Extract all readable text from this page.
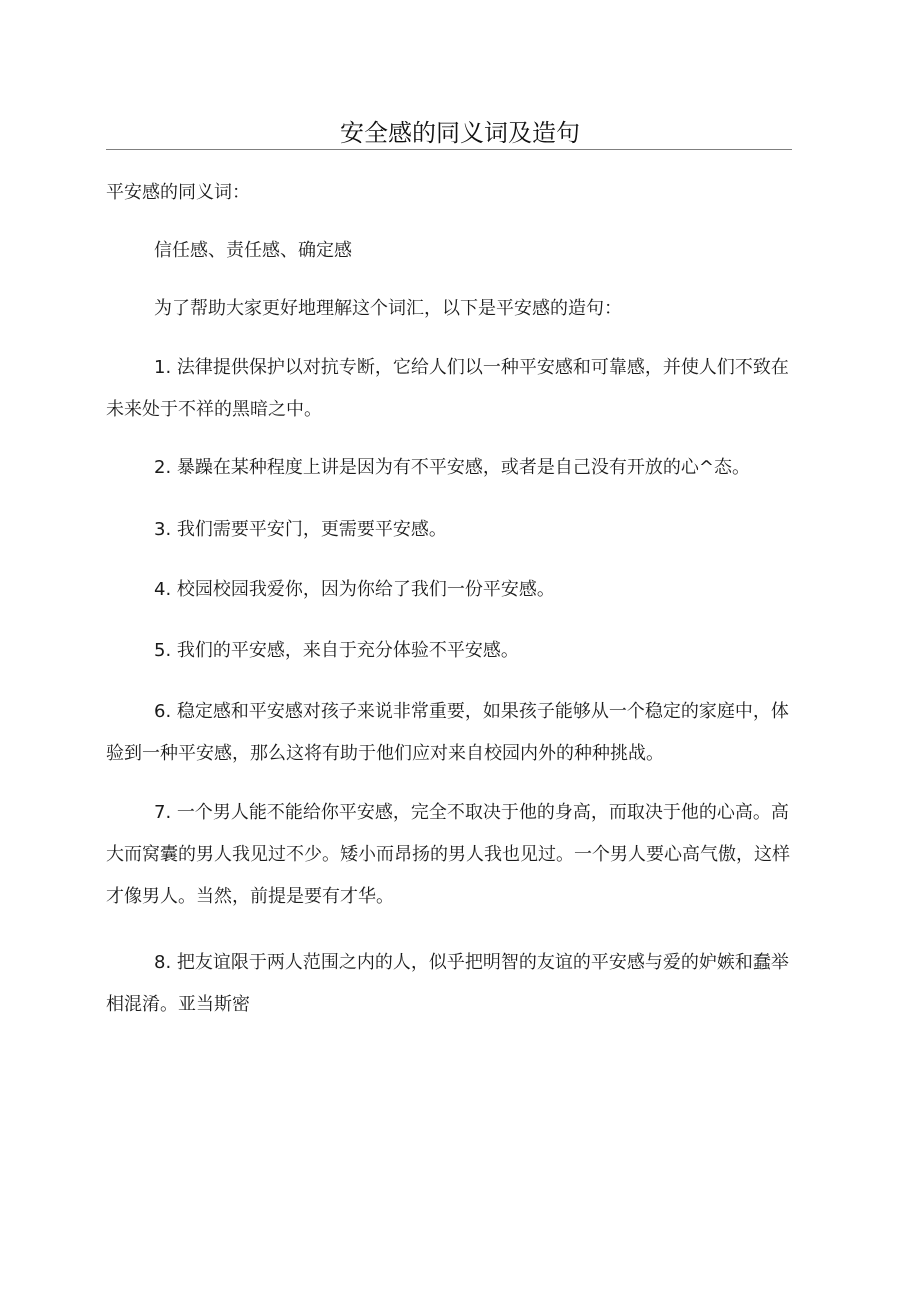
安全感的同义词及造句

平安感的同义词：

信任感、责任感、确定感

为了帮助大家更好地理解这个词汇，以下是平安感的造句：

1. 法律提供保护以对抗专断，它给人们以一种平安感和可靠感，并使人们不致在未来处于不祥的黑暗之中。

2. 暴躁在某种程度上讲是因为有不平安感，或者是自己没有开放的心^态。

3. 我们需要平安门，更需要平安感。

4. 校园校园我爱你，因为你给了我们一份平安感。

5. 我们的平安感，来自于充分体验不平安感。

6. 稳定感和平安感对孩子来说非常重要，如果孩子能够从一个稳定的家庭中，体验到一种平安感，那么这将有助于他们应对来自校园内外的种种挑战。

7. 一个男人能不能给你平安感，完全不取决于他的身高，而取决于他的心高。高大而窝囊的男人我见过不少。矮小而昂扬的男人我也见过。一个男人要心高气傲，这样才像男人。当然，前提是要有才华。

8. 把友谊限于两人范围之内的人，似乎把明智的友谊的平安感与爱的妒嫉和蠢举相混淆。亚当斯密
